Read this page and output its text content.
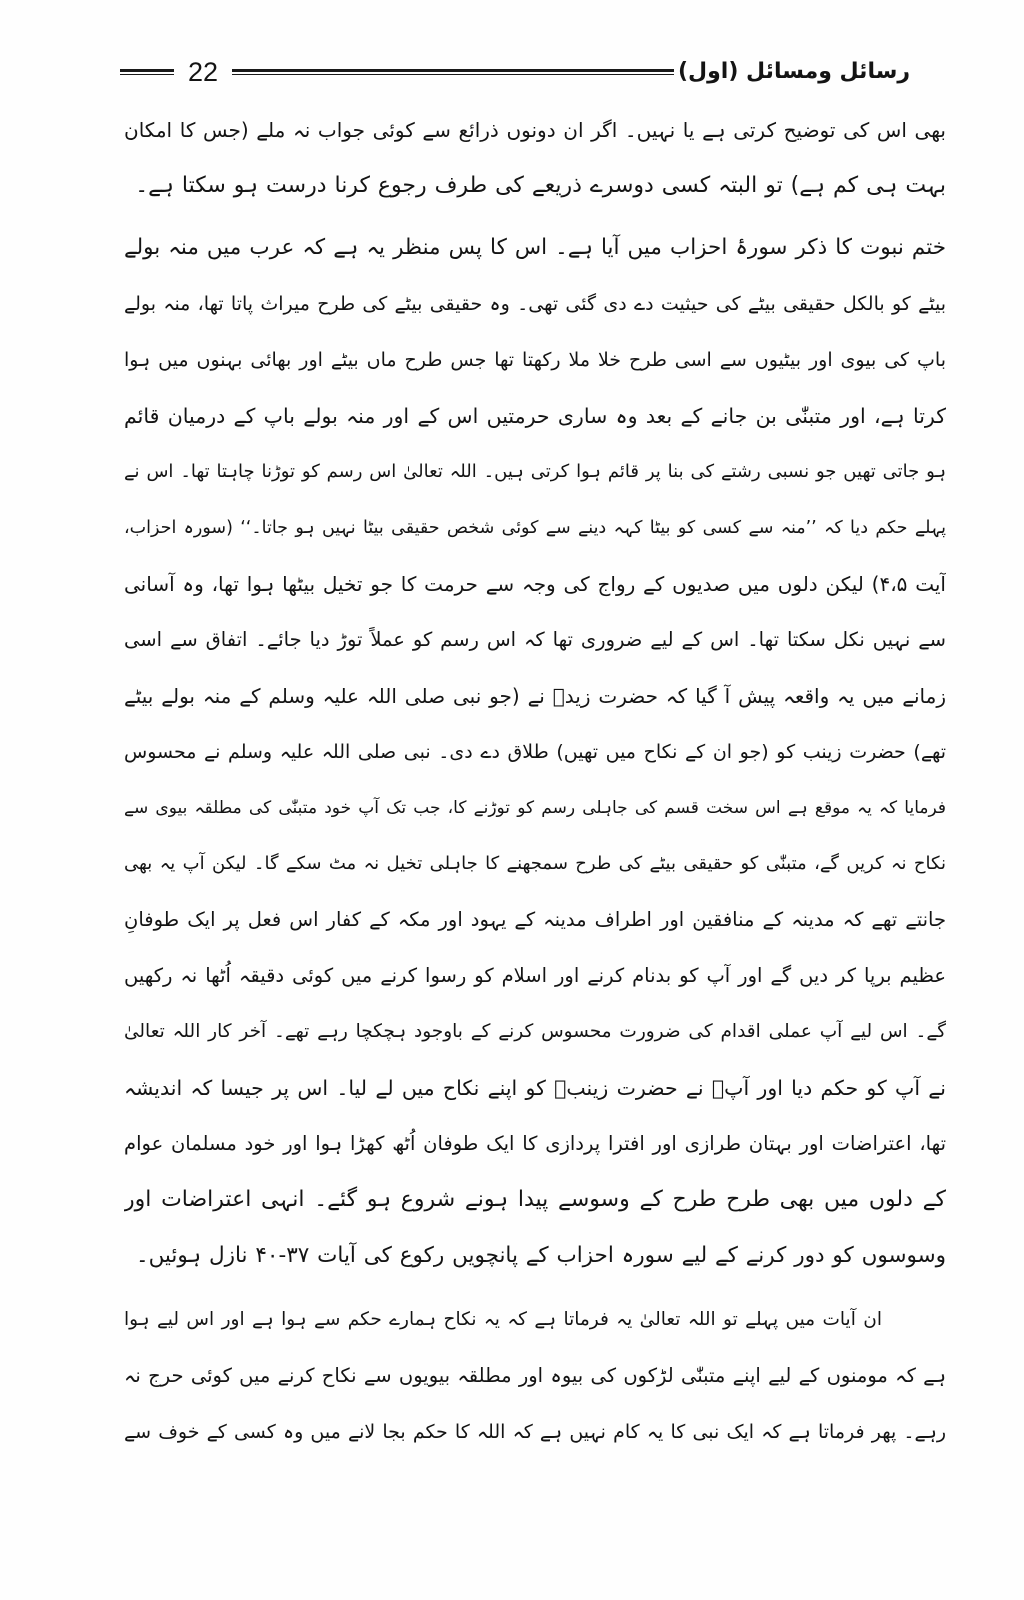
22	رسائل ومسائل (اول)
بھی اس کی توضیح کرتی ہے یا نہیں۔ اگر ان دونوں ذرائع سے کوئی جواب نہ ملے (جس کا امکان
بہت ہی کم ہے) تو البتہ کسی دوسرے ذریعے کی طرف رجوع کرنا درست ہو سکتا ہے۔
ختم نبوت کا ذکر سورۂ احزاب میں آیا ہے۔ اس کا پس منظر یہ ہے کہ عرب میں منہ بولے
بیٹے کو بالکل حقیقی بیٹے کی حیثیت دے دی گئی تھی۔ وہ حقیقی بیٹے کی طرح میراث پاتا تھا، منہ بولے
باپ کی بیوی اور بیٹیوں سے اسی طرح خلا ملا رکھتا تھا جس طرح ماں بیٹے اور بھائی بہنوں میں ہوا
کرتا ہے، اور متبنّٰی بن جانے کے بعد وہ ساری حرمتیں اس کے اور منہ بولے باپ کے درمیان قائم
ہو جاتی تھیں جو نسبی رشتے کی بنا پر قائم ہوا کرتی ہیں۔ اللہ تعالیٰ اس رسم کو توڑنا چاہتا تھا۔ اس نے
پہلے حکم دیا کہ ’’منہ سے کسی کو بیٹا کہہ دینے سے کوئی شخص حقیقی بیٹا نہیں ہو جاتا۔‘‘ (سورہ احزاب،
آیت ۴،۵) لیکن دلوں میں صدیوں کے رواج کی وجہ سے حرمت کا جو تخیل بیٹھا ہوا تھا، وہ آسانی
سے نہیں نکل سکتا تھا۔ اس کے لیے ضروری تھا کہ اس رسم کو عملاً توڑ دیا جائے۔ اتفاق سے اسی
زمانے میں یہ واقعہ پیش آ گیا کہ حضرت زیدؓ نے (جو نبی صلی اللہ علیہ وسلم کے منہ بولے بیٹے
تھے) حضرت زینب کو (جو ان کے نکاح میں تھیں) طلاق دے دی۔ نبی صلی اللہ علیہ وسلم نے محسوس
فرمایا کہ یہ موقع ہے اس سخت قسم کی جاہلی رسم کو توڑنے کا، جب تک آپ خود متبنّٰی کی مطلقہ بیوی سے
نکاح نہ کریں گے، متبنّٰی کو حقیقی بیٹے کی طرح سمجھنے کا جاہلی تخیل نہ مٹ سکے گا۔ لیکن آپ یہ بھی
جانتے تھے کہ مدینہ کے منافقین اور اطراف مدینہ کے یہود اور مکہ کے کفار اس فعل پر ایک طوفانِ
عظیم برپا کر دیں گے اور آپ کو بدنام کرنے اور اسلام کو رسوا کرنے میں کوئی دقیقہ اُٹھا نہ رکھیں
گے۔ اس لیے آپ عملی اقدام کی ضرورت محسوس کرنے کے باوجود ہچکچا رہے تھے۔ آخر کار اللہ تعالیٰ
نے آپ کو حکم دیا اور آپؐ نے حضرت زینبؓ کو اپنے نکاح میں لے لیا۔ اس پر جیسا کہ اندیشہ
تھا، اعتراضات اور بہتان طرازی اور افترا پردازی کا ایک طوفان اُٹھ کھڑا ہوا اور خود مسلمان عوام
کے دلوں میں بھی طرح طرح کے وسوسے پیدا ہونے شروع ہو گئے۔ انہی اعتراضات اور
وسوسوں کو دور کرنے کے لیے سورہ احزاب کے پانچویں رکوع کی آیات ۳۷-۴۰ نازل ہوئیں۔
ان آیات میں پہلے تو اللہ تعالیٰ یہ فرماتا ہے کہ یہ نکاح ہمارے حکم سے ہوا ہے اور اس لیے ہوا
ہے کہ مومنوں کے لیے اپنے متبنّٰی لڑکوں کی بیوہ اور مطلقہ بیویوں سے نکاح کرنے میں کوئی حرج نہ
رہے۔ پھر فرماتا ہے کہ ایک نبی کا یہ کام نہیں ہے کہ اللہ کا حکم بجا لانے میں وہ کسی کے خوف سے
